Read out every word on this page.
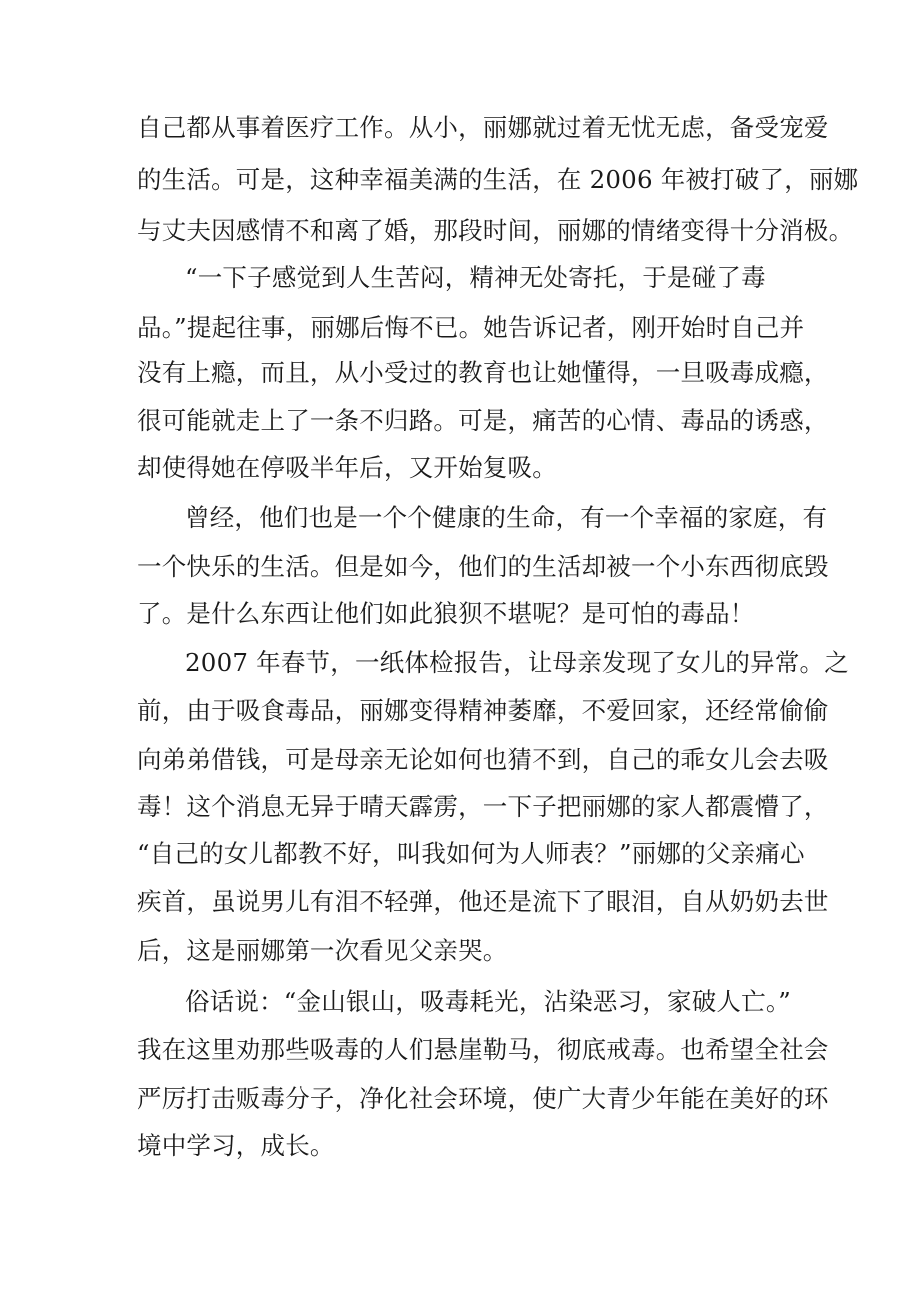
自己都从事着医疗工作。从小，丽娜就过着无忧无虑，备受宠爱
的生活。可是，这种幸福美满的生活，在 2006 年被打破了，丽娜
与丈夫因感情不和离了婚，那段时间，丽娜的情绪变得十分消极。
“一下子感觉到人生苦闷，精神无处寄托，于是碰了毒
品。”提起往事，丽娜后悔不已。她告诉记者，刚开始时自己并
没有上瘾，而且，从小受过的教育也让她懂得，一旦吸毒成瘾，
很可能就走上了一条不归路。可是，痛苦的心情、毒品的诱惑，
却使得她在停吸半年后，又开始复吸。
曾经，他们也是一个个健康的生命，有一个幸福的家庭，有
一个快乐的生活。但是如今，他们的生活却被一个小东西彻底毁
了。是什么东西让他们如此狼狈不堪呢？是可怕的毒品！
2007 年春节，一纸体检报告，让母亲发现了女儿的异常。之
前，由于吸食毒品，丽娜变得精神萎靡，不爱回家，还经常偷偷
向弟弟借钱，可是母亲无论如何也猜不到，自己的乖女儿会去吸
毒！这个消息无异于晴天霹雳，一下子把丽娜的家人都震懵了，
“自己的女儿都教不好，叫我如何为人师表？”丽娜的父亲痛心
疾首，虽说男儿有泪不轻弹，他还是流下了眼泪，自从奶奶去世
后，这是丽娜第一次看见父亲哭。
俗话说：“金山银山，吸毒耗光，沾染恶习，家破人亡。”
我在这里劝那些吸毒的人们悬崖勒马，彻底戒毒。也希望全社会
严厉打击贩毒分子，净化社会环境，使广大青少年能在美好的环
境中学习，成长。
